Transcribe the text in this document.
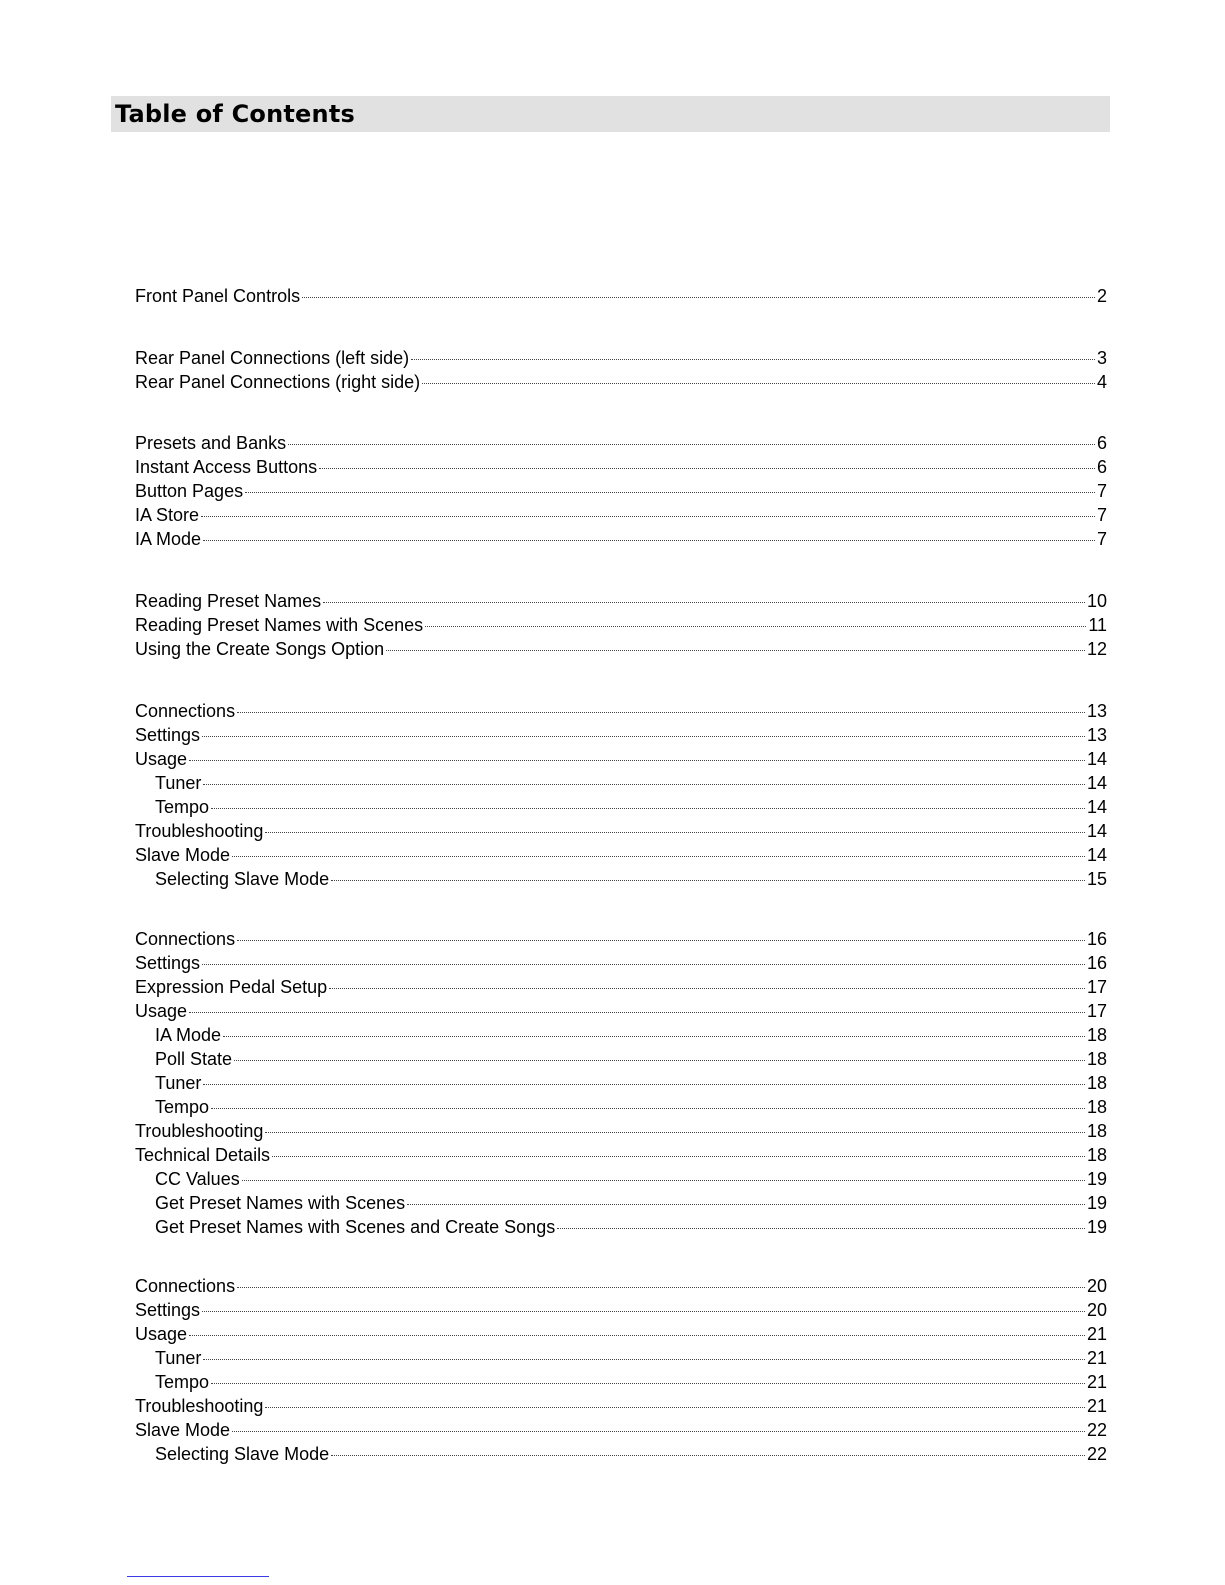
Table of Contents
Front Panel Controls	2
Rear Panel Connections (left side)	3
Rear Panel Connections (right side)	4
Presets and Banks	6
Instant Access Buttons	6
Button Pages	7
IA Store	7
IA Mode	7
Reading Preset Names	10
Reading Preset Names with Scenes	11
Using the Create Songs Option	12
Connections	13
Settings	13
Usage	14
Tuner	14
Tempo	14
Troubleshooting	14
Slave Mode	14
Selecting Slave Mode	15
Connections	16
Settings	16
Expression Pedal Setup	17
Usage	17
IA Mode	18
Poll State	18
Tuner	18
Tempo	18
Troubleshooting	18
Technical Details	18
CC Values	19
Get Preset Names with Scenes	19
Get Preset Names with Scenes and Create Songs	19
Connections	20
Settings	20
Usage	21
Tuner	21
Tempo	21
Troubleshooting	21
Slave Mode	22
Selecting Slave Mode	22
